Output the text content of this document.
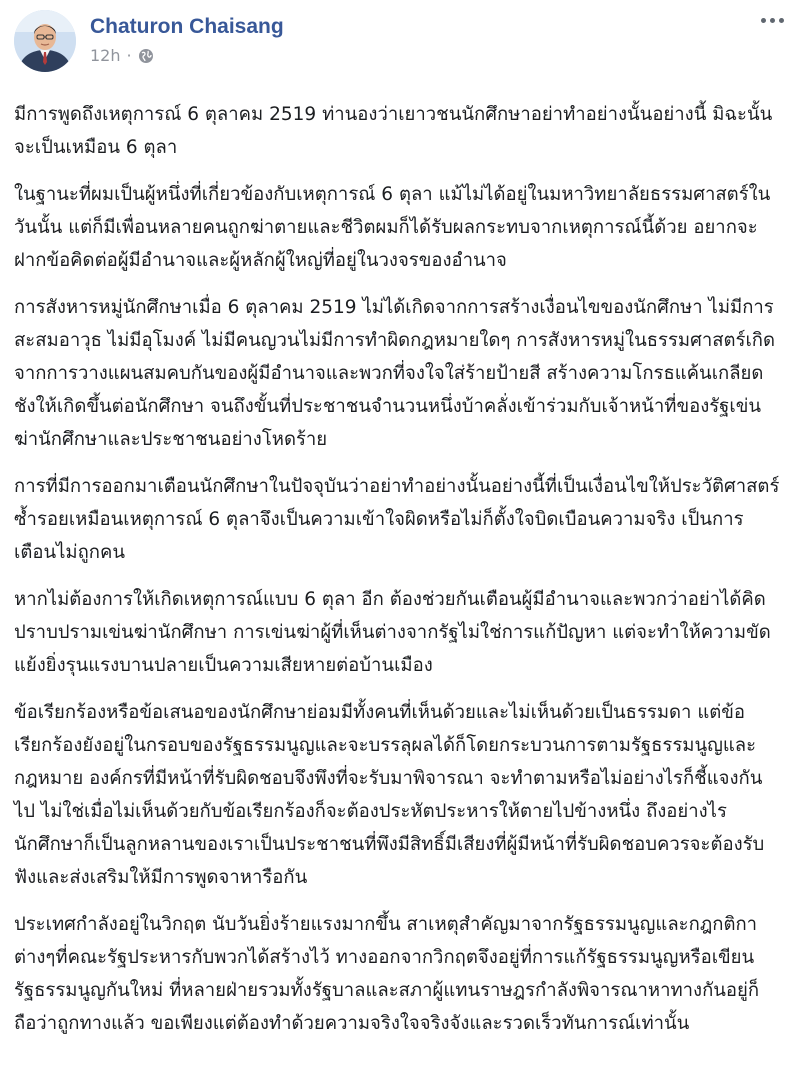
Chaturon Chaisang
12h ·

มีการพูดถึงเหตุการณ์ 6 ตุลาคม 2519 ท่านองว่าเยาวชนนักศึกษาอย่าทำอย่างนั้นอย่างนี้ มิฉะนั้นจะเป็นเหมือน 6 ตุลา

ในฐานะที่ผมเป็นผู้หนึ่งที่เกี่ยวข้องกับเหตุการณ์ 6 ตุลา แม้ไม่ได้อยู่ในมหาวิทยาลัยธรรมศาสตร์ในวันนั้น แต่ก็มีเพื่อนหลายคนถูกฆ่าตายและชีวิตผมก็ได้รับผลกระทบจากเหตุการณ์นี้ด้วย อยากจะฝากข้อคิดต่อผู้มีอำนาจและผู้หลักผู้ใหญ่ที่อยู่ในวงจรของอำนาจ

การสังหารหมู่นักศึกษาเมื่อ 6 ตุลาคม 2519 ไม่ได้เกิดจากการสร้างเงื่อนไขของนักศึกษา ไม่มีการสะสมอาวุธ ไม่มีอุโมงค์ ไม่มีคนญวนไม่มีการทำผิดกฎหมายใดๆ การสังหารหมู่ในธรรมศาสตร์เกิดจากการวางแผนสมคบกันของผู้มีอำนาจและพวกที่จงใจใส่ร้ายป้ายสี สร้างความโกรธแค้นเกลียดชังให้เกิดขึ้นต่อนักศึกษา จนถึงขั้นที่ประชาชนจำนวนหนึ่งบ้าคลั่งเข้าร่วมกับเจ้าหน้าที่ของรัฐเข่นฆ่านักศึกษาและประชาชนอย่างโหดร้าย

การที่มีการออกมาเตือนนักศึกษาในปัจจุบันว่าอย่าทำอย่างนั้นอย่างนี้ที่เป็นเงื่อนไขให้ประวัติศาสตร์ซ้ำรอยเหมือนเหตุการณ์ 6 ตุลาจึงเป็นความเข้าใจผิดหรือไม่ก็ตั้งใจบิดเบือนความจริง เป็นการเตือนไม่ถูกคน

หากไม่ต้องการให้เกิดเหตุการณ์แบบ 6 ตุลา อีก ต้องช่วยกันเตือนผู้มีอำนาจและพวกว่าอย่าได้คิดปราบปรามเข่นฆ่านักศึกษา การเข่นฆ่าผู้ที่เห็นต่างจากรัฐไม่ใช่การแก้ปัญหา แต่จะทำให้ความขัดแย้งยิ่งรุนแรงบานปลายเป็นความเสียหายต่อบ้านเมือง

ข้อเรียกร้องหรือข้อเสนอของนักศึกษาย่อมมีทั้งคนที่เห็นด้วยและไม่เห็นด้วยเป็นธรรมดา แต่ข้อเรียกร้องยังอยู่ในกรอบของรัฐธรรมนูญและจะบรรลุผลได้ก็โดยกระบวนการตามรัฐธรรมนูญและกฎหมาย องค์กรที่มีหน้าที่รับผิดชอบจึงพึงที่จะรับมาพิจารณา จะทำตามหรือไม่อย่างไรก็ชี้แจงกันไป ไม่ใช่เมื่อไม่เห็นด้วยกับข้อเรียกร้องก็จะต้องประหัตประหารให้ตายไปข้างหนึ่ง ถึงอย่างไรนักศึกษาก็เป็นลูกหลานของเราเป็นประชาชนที่พึงมีสิทธิ์มีเสียงที่ผู้มีหน้าที่รับผิดชอบควรจะต้องรับฟังและส่งเสริมให้มีการพูดจาหารือกัน

ประเทศกำลังอยู่ในวิกฤต นับวันยิ่งร้ายแรงมากขึ้น สาเหตุสำคัญมาจากรัฐธรรมนูญและกฎกติกาต่างๆที่คณะรัฐประหารกับพวกได้สร้างไว้ ทางออกจากวิกฤตจึงอยู่ที่การแก้รัฐธรรมนูญหรือเขียนรัฐธรรมนูญกันใหม่ ที่หลายฝ่ายรวมทั้งรัฐบาลและสภาผู้แทนราษฎรกำลังพิจารณาหาทางกันอยู่ก็ถือว่าถูกทางแล้ว ขอเพียงแต่ต้องทำด้วยความจริงใจจริงจังและรวดเร็วทันการณ์เท่านั้น
